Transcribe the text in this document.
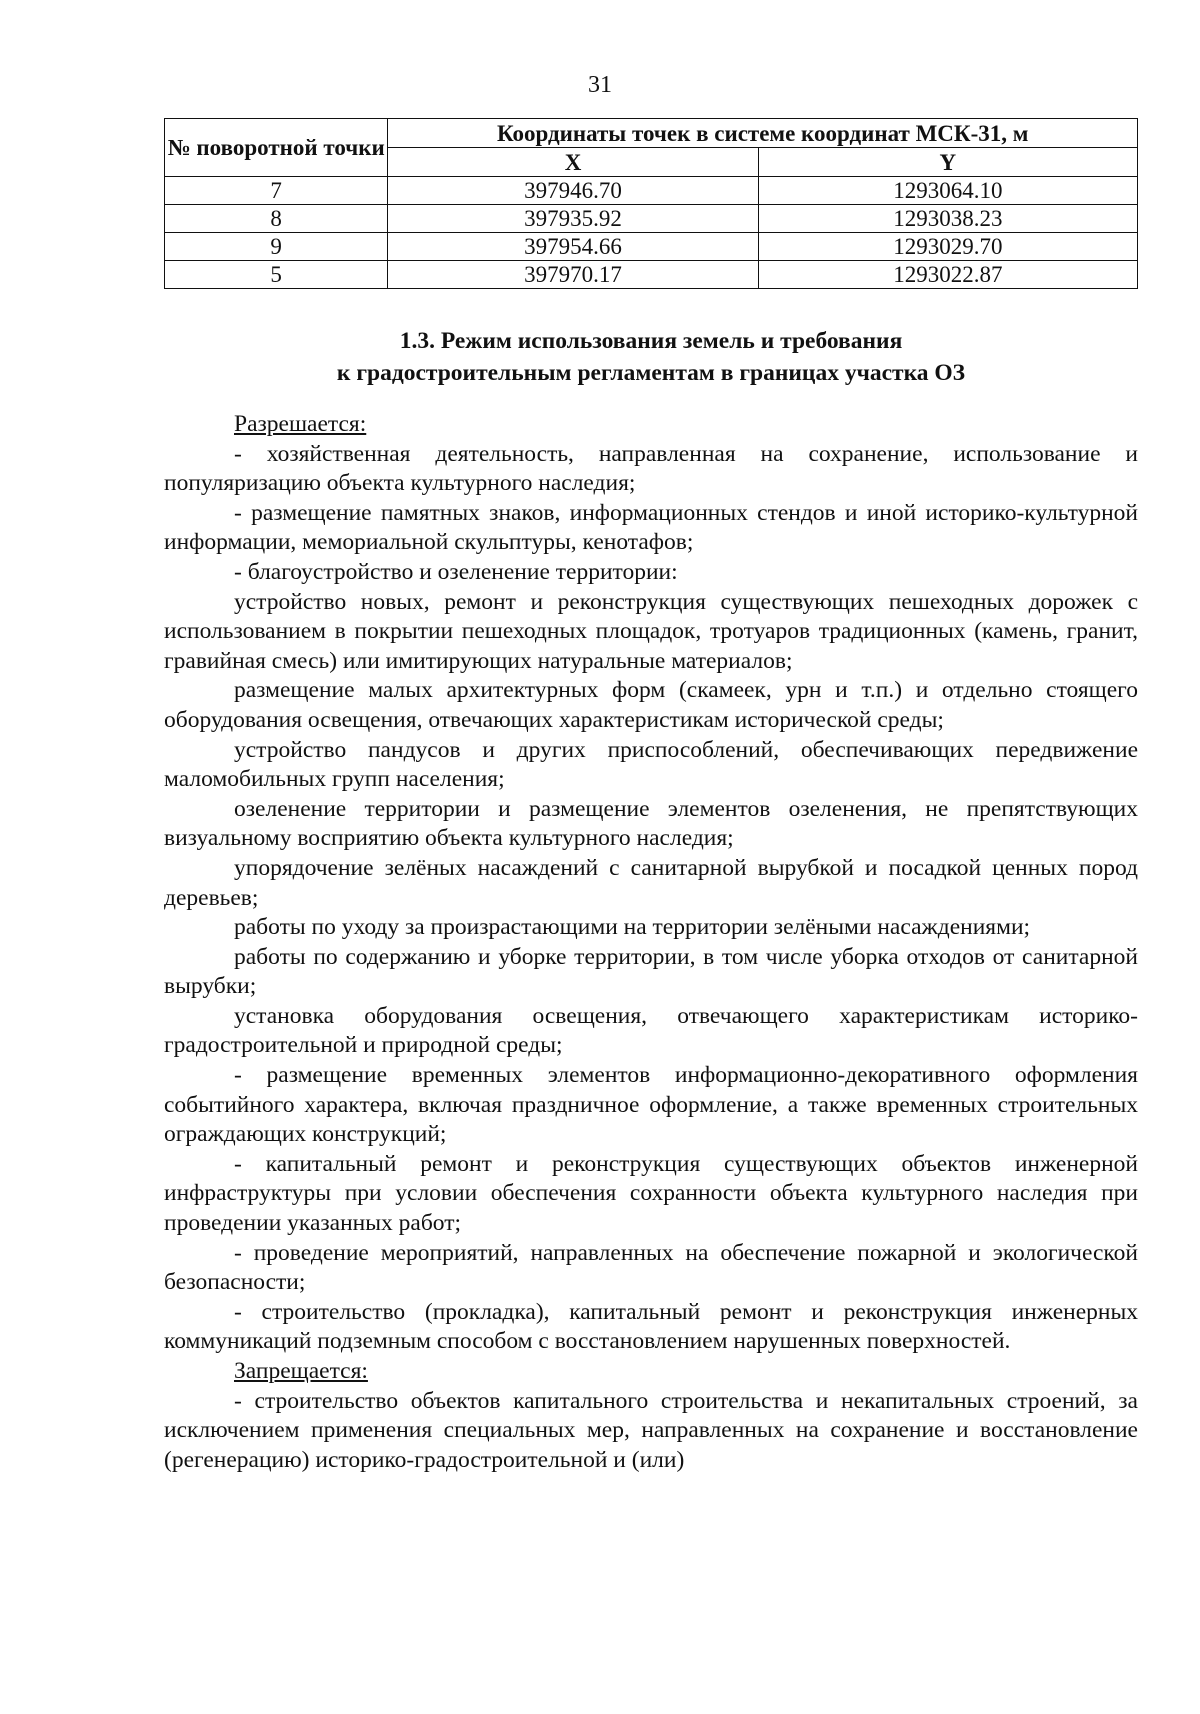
31
№ поворотной точки	Координаты точек в системе координат МСК-31, м	
	X	Y
7	397946.70	1293064.10
8	397935.92	1293038.23
9	397954.66	1293029.70
5	397970.17	1293022.87
1.3. Режим использования земель и требования
к градостроительным регламентам в границах участка ОЗ

Разрешается:

- хозяйственная деятельность, направленная на сохранение, использование и популяризацию объекта культурного наследия;

- размещение памятных знаков, информационных стендов и иной историко-культурной информации, мемориальной скульптуры, кенотафов;

- благоустройство и озеленение территории:

устройство новых, ремонт и реконструкция существующих пешеходных дорожек с использованием в покрытии пешеходных площадок, тротуаров традиционных (камень, гранит, гравийная смесь) или имитирующих натуральные материалов;

размещение малых архитектурных форм (скамеек, урн и т.п.) и отдельно стоящего оборудования освещения, отвечающих характеристикам исторической среды;

устройство пандусов и других приспособлений, обеспечивающих передвижение маломобильных групп населения;

озеленение территории и размещение элементов озеленения, не препятствующих визуальному восприятию объекта культурного наследия;

упорядочение зелёных насаждений с санитарной вырубкой и посадкой ценных пород деревьев;

работы по уходу за произрастающими на территории зелёными насаждениями;

работы по содержанию и уборке территории, в том числе уборка отходов от санитарной вырубки;

установка оборудования освещения, отвечающего характеристикам историко-градостроительной и природной среды;

- размещение временных элементов информационно-декоративного оформления событийного характера, включая праздничное оформление, а также временных строительных ограждающих конструкций;

- капитальный ремонт и реконструкция существующих объектов инженерной инфраструктуры при условии обеспечения сохранности объекта культурного наследия при проведении указанных работ;

- проведение мероприятий, направленных на обеспечение пожарной и экологической безопасности;

- строительство (прокладка), капитальный ремонт и реконструкция инженерных коммуникаций подземным способом с восстановлением нарушенных поверхностей.

Запрещается:

- строительство объектов капитального строительства и некапитальных строений, за исключением применения специальных мер, направленных на сохранение и восстановление (регенерацию) историко-градостроительной и (или)
